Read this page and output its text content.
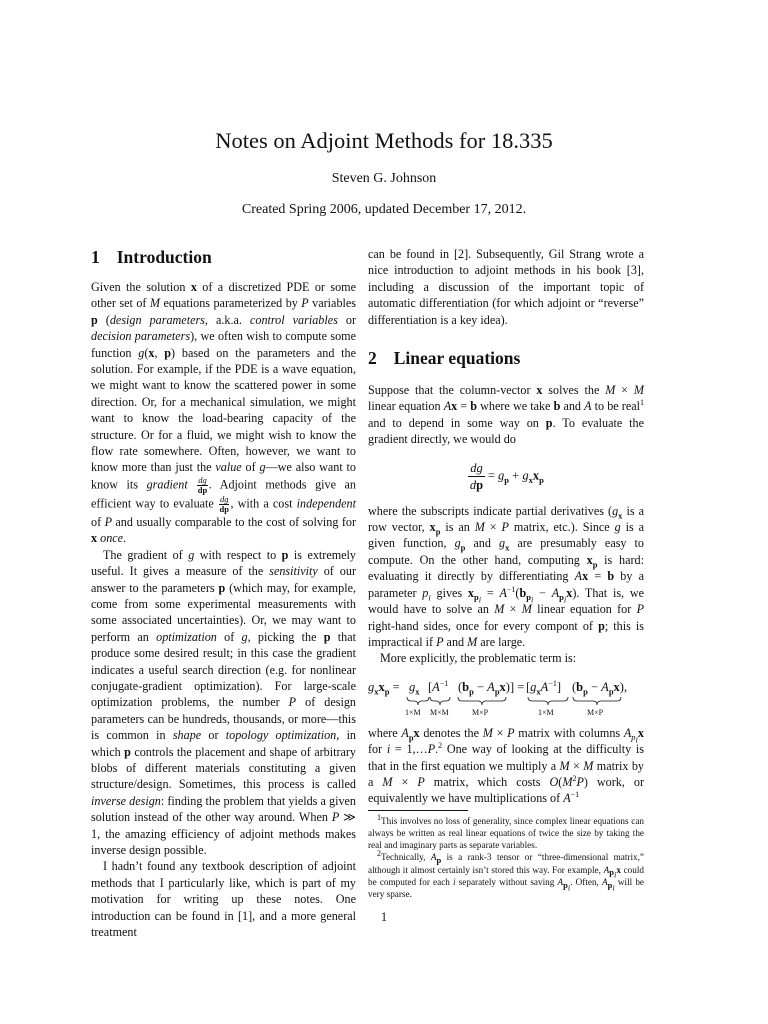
Notes on Adjoint Methods for 18.335
Steven G. Johnson
Created Spring 2006, updated December 17, 2012.
1 Introduction

Given the solution x of a discretized PDE or some other set of M equations parameterized by P variables p (design parameters, a.k.a. control variables or decision parameters), we often wish to compute some function g(x, p) based on the parameters and the solution. For example, if the PDE is a wave equation, we might want to know the scattered power in some direction. Or, for a mechanical simulation, we might want to know the load-bearing capacity of the structure. Or for a fluid, we might wish to know the flow rate somewhere. Often, however, we want to know more than just the value of g—we also want to know its gradient $\frac{dg}{dp}$ . Adjoint methods give an efficient way to evaluate $\frac{dg}{dp}$ , with a cost independent of P and usually comparable to the cost of solving for x once.

The gradient of g with respect to p is extremely useful. It gives a measure of the sensitivity of our answer to the parameters p (which may, for example, come from some experimental measurements with some associated uncertainties). Or, we may want to perform an optimization of g, picking the p that produce some desired result; in this case the gradient indicates a useful search direction (e.g. for nonlinear conjugate-gradient optimization). For large-scale optimization problems, the number P of design parameters can be hundreds, thousands, or more—this is common in shape or topology optimization, in which p controls the placement and shape of arbitrary blobs of different materials constituting a given structure/design. Sometimes, this process is called inverse design: finding the problem that yields a given solution instead of the other way around. When P ≫ 1, the amazing efficiency of adjoint methods makes inverse design possible.

I hadn’t found any textbook description of adjoint methods that I particularly like, which is part of my motivation for writing up these notes. One introduction can be found in [1], and a more general treatment

can be found in [2]. Subsequently, Gil Strang wrote a nice introduction to adjoint methods in his book [3], including a discussion of the important topic of automatic differentiation (for which adjoint or “reverse” differentiation is a key idea).

2 Linear equations

Suppose that the column-vector x solves the M × M linear equation Ax = b where we take b and A to be real$^1$ and to depend in some way on p. To evaluate the gradient directly, we would do

$\frac{dg}{dp} = g_p + g_xx_p$

where the subscripts indicate partial derivatives ($g_x$ is a row vector, $x_p$ is an M × P matrix, etc.). Since g is a given function, $g_p$ and $g_x$ are presumably easy to compute. On the other hand, computing $x_p$ is hard: evaluating it directly by differentiating Ax = b by a parameter $p_i$ gives $x_{p_i} = A^{-1}(b_{p_i} - A_{p_i}x)$. That is, we would have to solve an M × M linear equation for P right-hand sides, once for every compont of p; this is impractical if P and M are large.

More explicitly, the problematic term is:

$g_xx_p = g_x$ [$A^{-1}$ $(b_p - A_px)] = [g_xA^{-1}]$ $(b_p - A_px)$,
1×M M×M	M×P	1×M	M×P

where $A_px$ denotes the M × P matrix with columns $A_{p_i}x$ for i = 1,…P.$^2$ One way of looking at the difficulty is that in the first equation we multiply a M × M matrix by a M × P matrix, which costs $O(M^2P)$ work, or equivalently we have multiplications of $A^{-1}$

$^1$This involves no loss of generality, since complex linear equations can always be written as real linear equations of twice the size by taking the real and imaginary parts as separate variables.

$^2$Technically, $A_p$ is a rank-3 tensor or “three-dimensional matrix,” although it almost certainly isn’t stored this way. For example, $A_{p_i}x$ could be computed for each i separately without saving $A_{p_i}$. Often, $A_{p_i}$ will be very sparse.

1
